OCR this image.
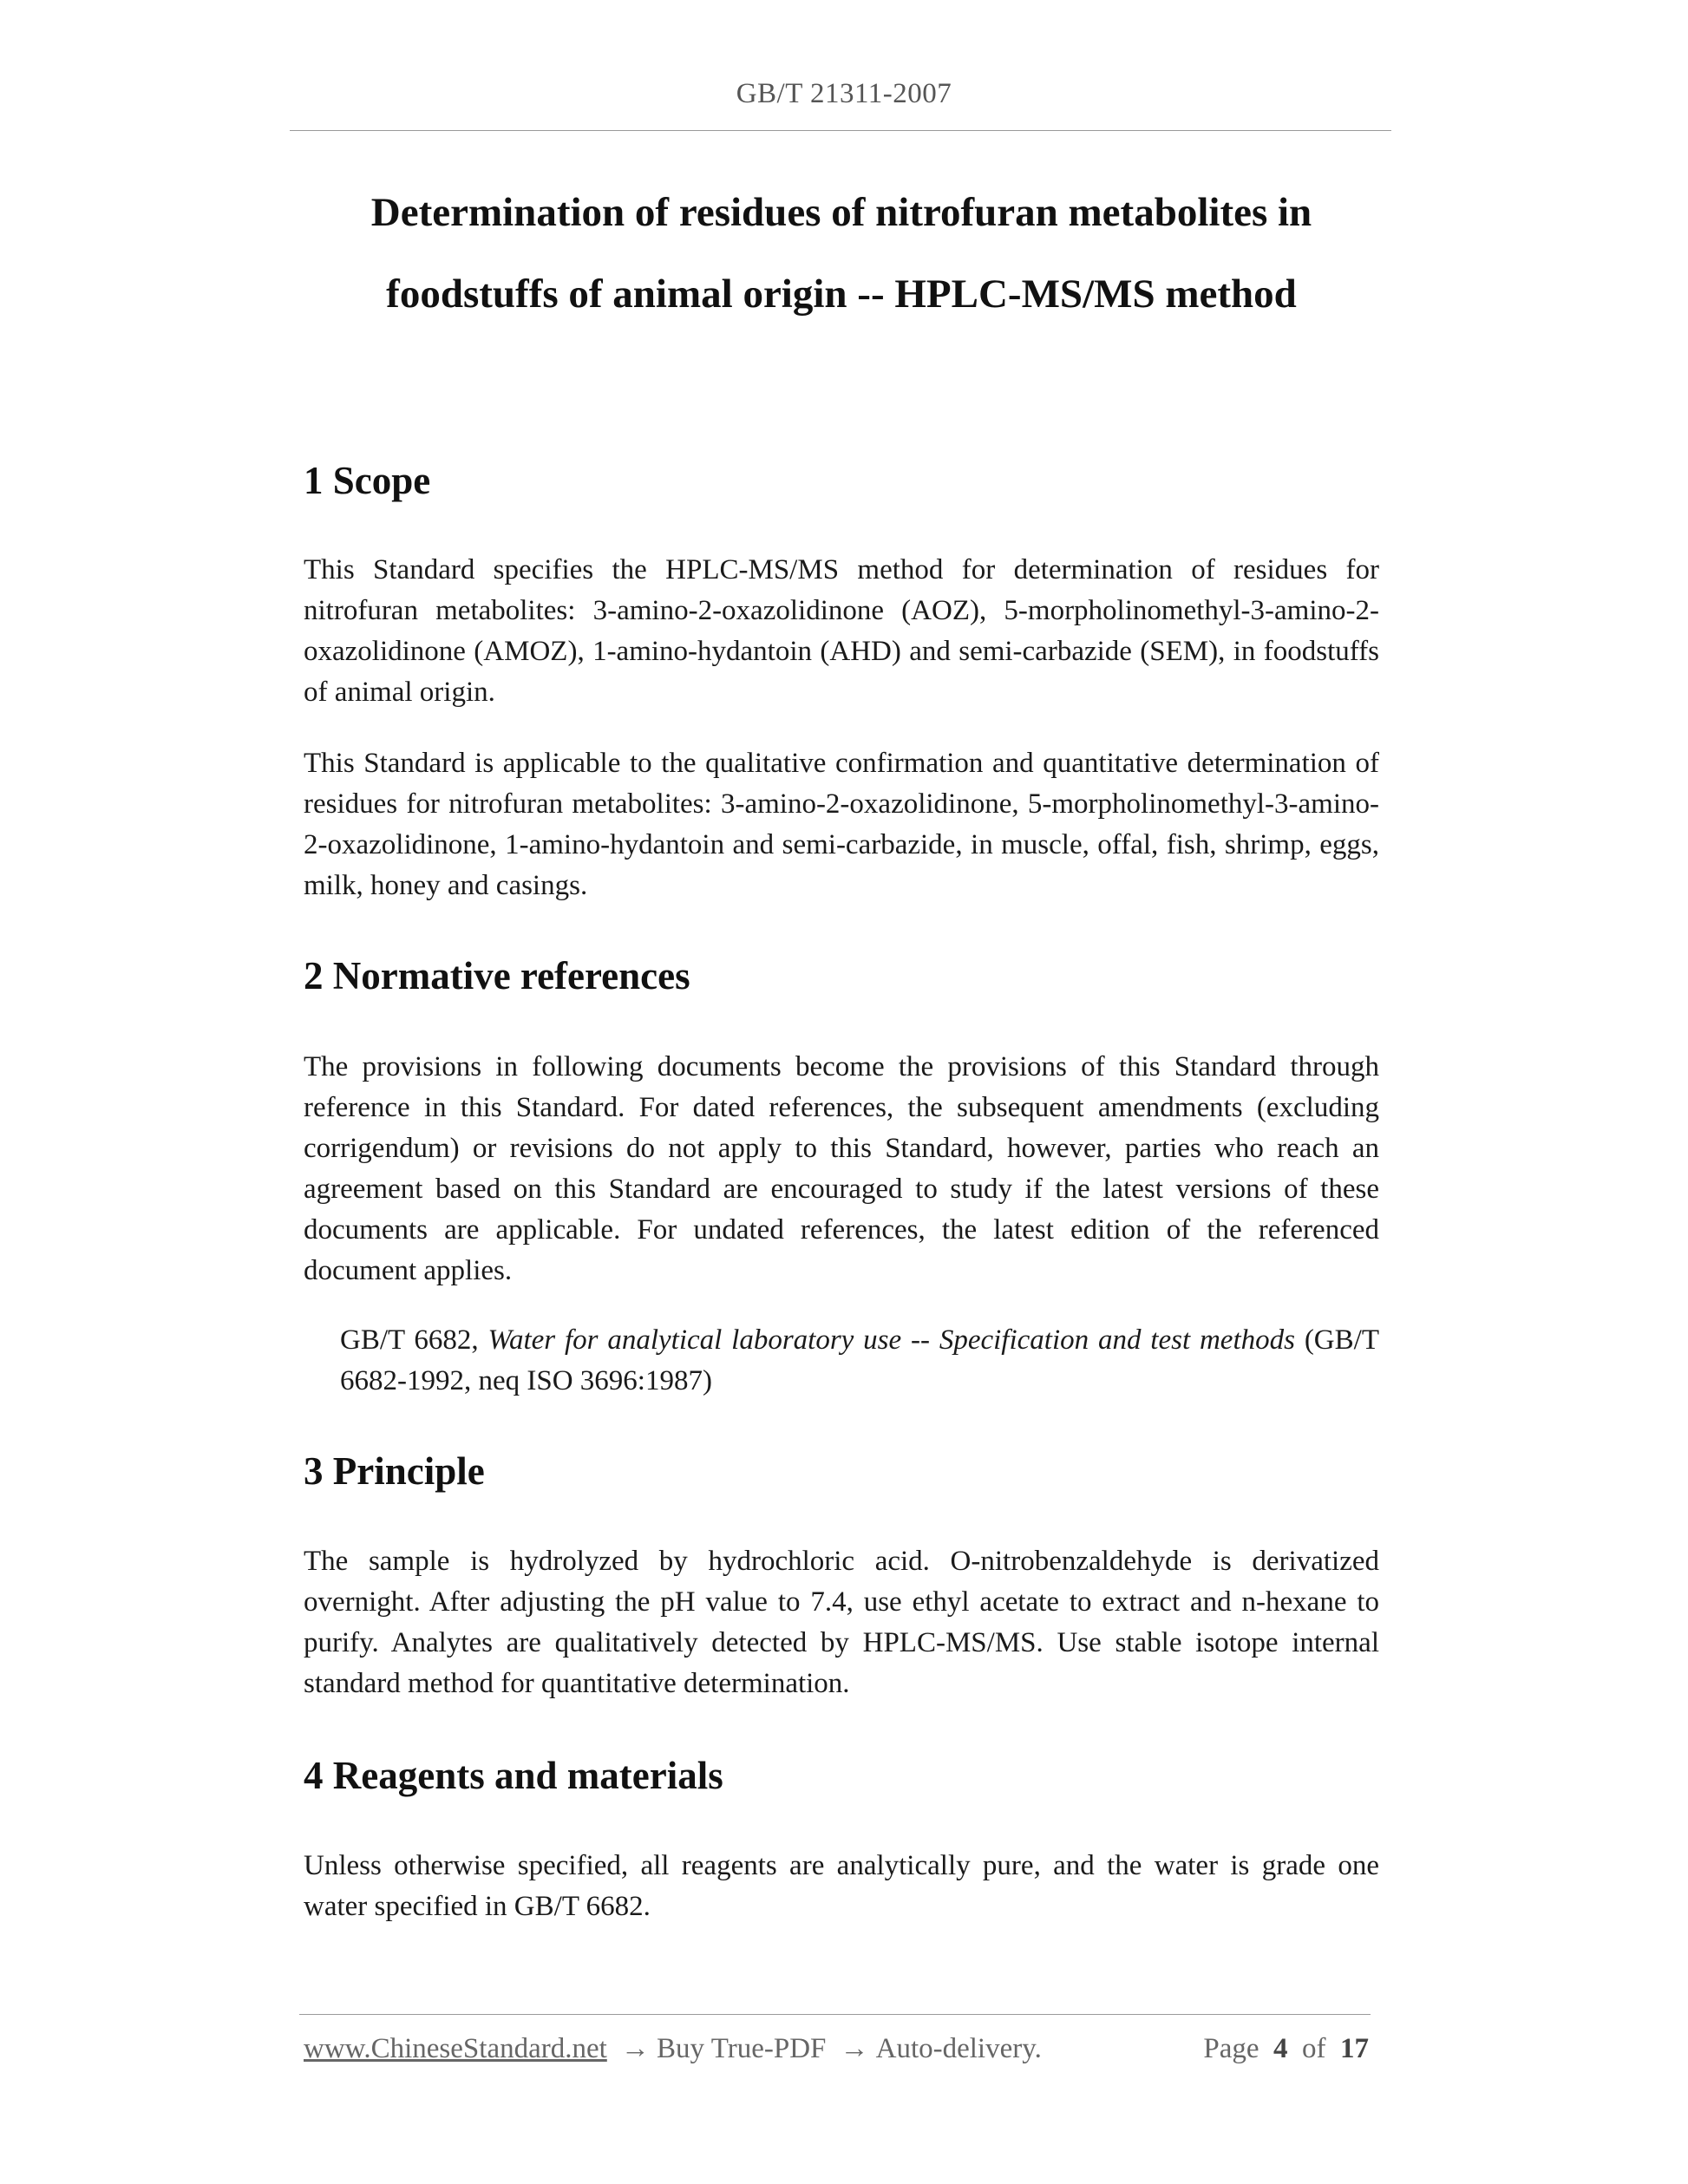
GB/T 21311-2007
Determination of residues of nitrofuran metabolites in
foodstuffs of animal origin -- HPLC-MS/MS method
1 Scope
This Standard specifies the HPLC-MS/MS method for determination of residues for nitrofuran metabolites: 3-amino-2-oxazolidinone (AOZ), 5-morpholinomethyl-3-amino-2-oxazolidinone (AMOZ), 1-amino-hydantoin (AHD) and semi-carbazide (SEM), in foodstuffs of animal origin.
This Standard is applicable to the qualitative confirmation and quantitative determination of residues for nitrofuran metabolites: 3-amino-2-oxazolidinone, 5-morpholinomethyl-3-amino-2-oxazolidinone, 1-amino-hydantoin and semi-carbazide, in muscle, offal, fish, shrimp, eggs, milk, honey and casings.
2 Normative references
The provisions in following documents become the provisions of this Standard through reference in this Standard. For dated references, the subsequent amendments (excluding corrigendum) or revisions do not apply to this Standard, however, parties who reach an agreement based on this Standard are encouraged to study if the latest versions of these documents are applicable. For undated references, the latest edition of the referenced document applies.
GB/T 6682, Water for analytical laboratory use -- Specification and test methods (GB/T 6682-1992, neq ISO 3696:1987)
3 Principle
The sample is hydrolyzed by hydrochloric acid. O-nitrobenzaldehyde is derivatized overnight. After adjusting the pH value to 7.4, use ethyl acetate to extract and n-hexane to purify. Analytes are qualitatively detected by HPLC-MS/MS. Use stable isotope internal standard method for quantitative determination.
4 Reagents and materials
Unless otherwise specified, all reagents are analytically pure, and the water is grade one water specified in GB/T 6682.
www.ChineseStandard.net → Buy True-PDF → Auto-delivery.	Page 4 of 17
